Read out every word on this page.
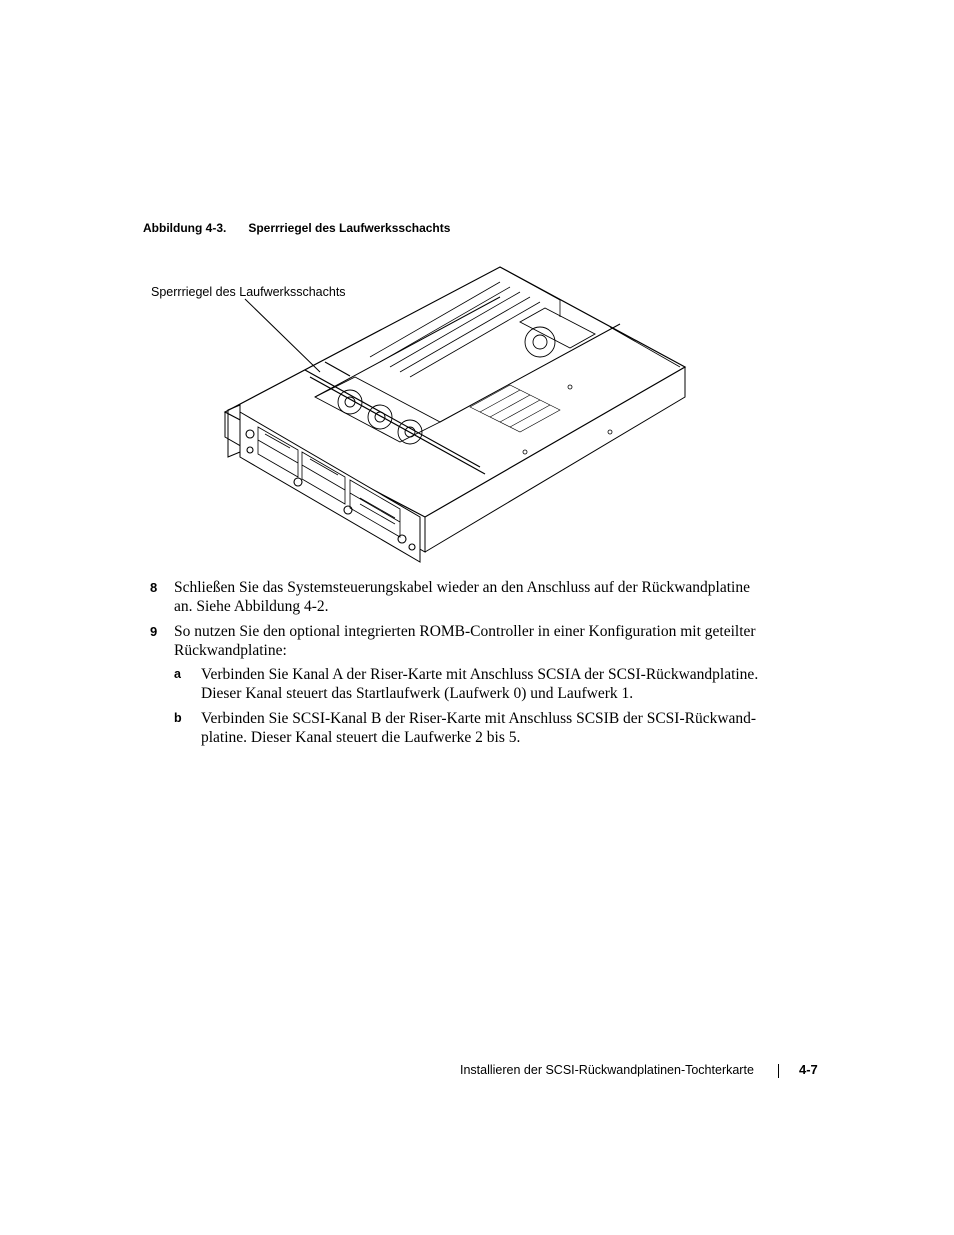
Abbildung 4-3. Sperrriegel des Laufwerksschachts
Sperrriegel des Laufwerksschachts
8 Schließen Sie das Systemsteuerungskabel wieder an den Anschluss auf der Rückwandplatine an. Siehe Abbildung 4-2.
9 So nutzen Sie den optional integrierten ROMB-Controller in einer Konfiguration mit geteilter Rückwandplatine:
a Verbinden Sie Kanal A der Riser-Karte mit Anschluss SCSIA der SCSI-Rückwandplatine. Dieser Kanal steuert das Startlaufwerk (Laufwerk 0) und Laufwerk 1.
b Verbinden Sie SCSI-Kanal B der Riser-Karte mit Anschluss SCSIB der SCSI-Rückwand-platine. Dieser Kanal steuert die Laufwerke 2 bis 5.
Installieren der SCSI-Rückwandplatinen-Tochterkarte	4-7
